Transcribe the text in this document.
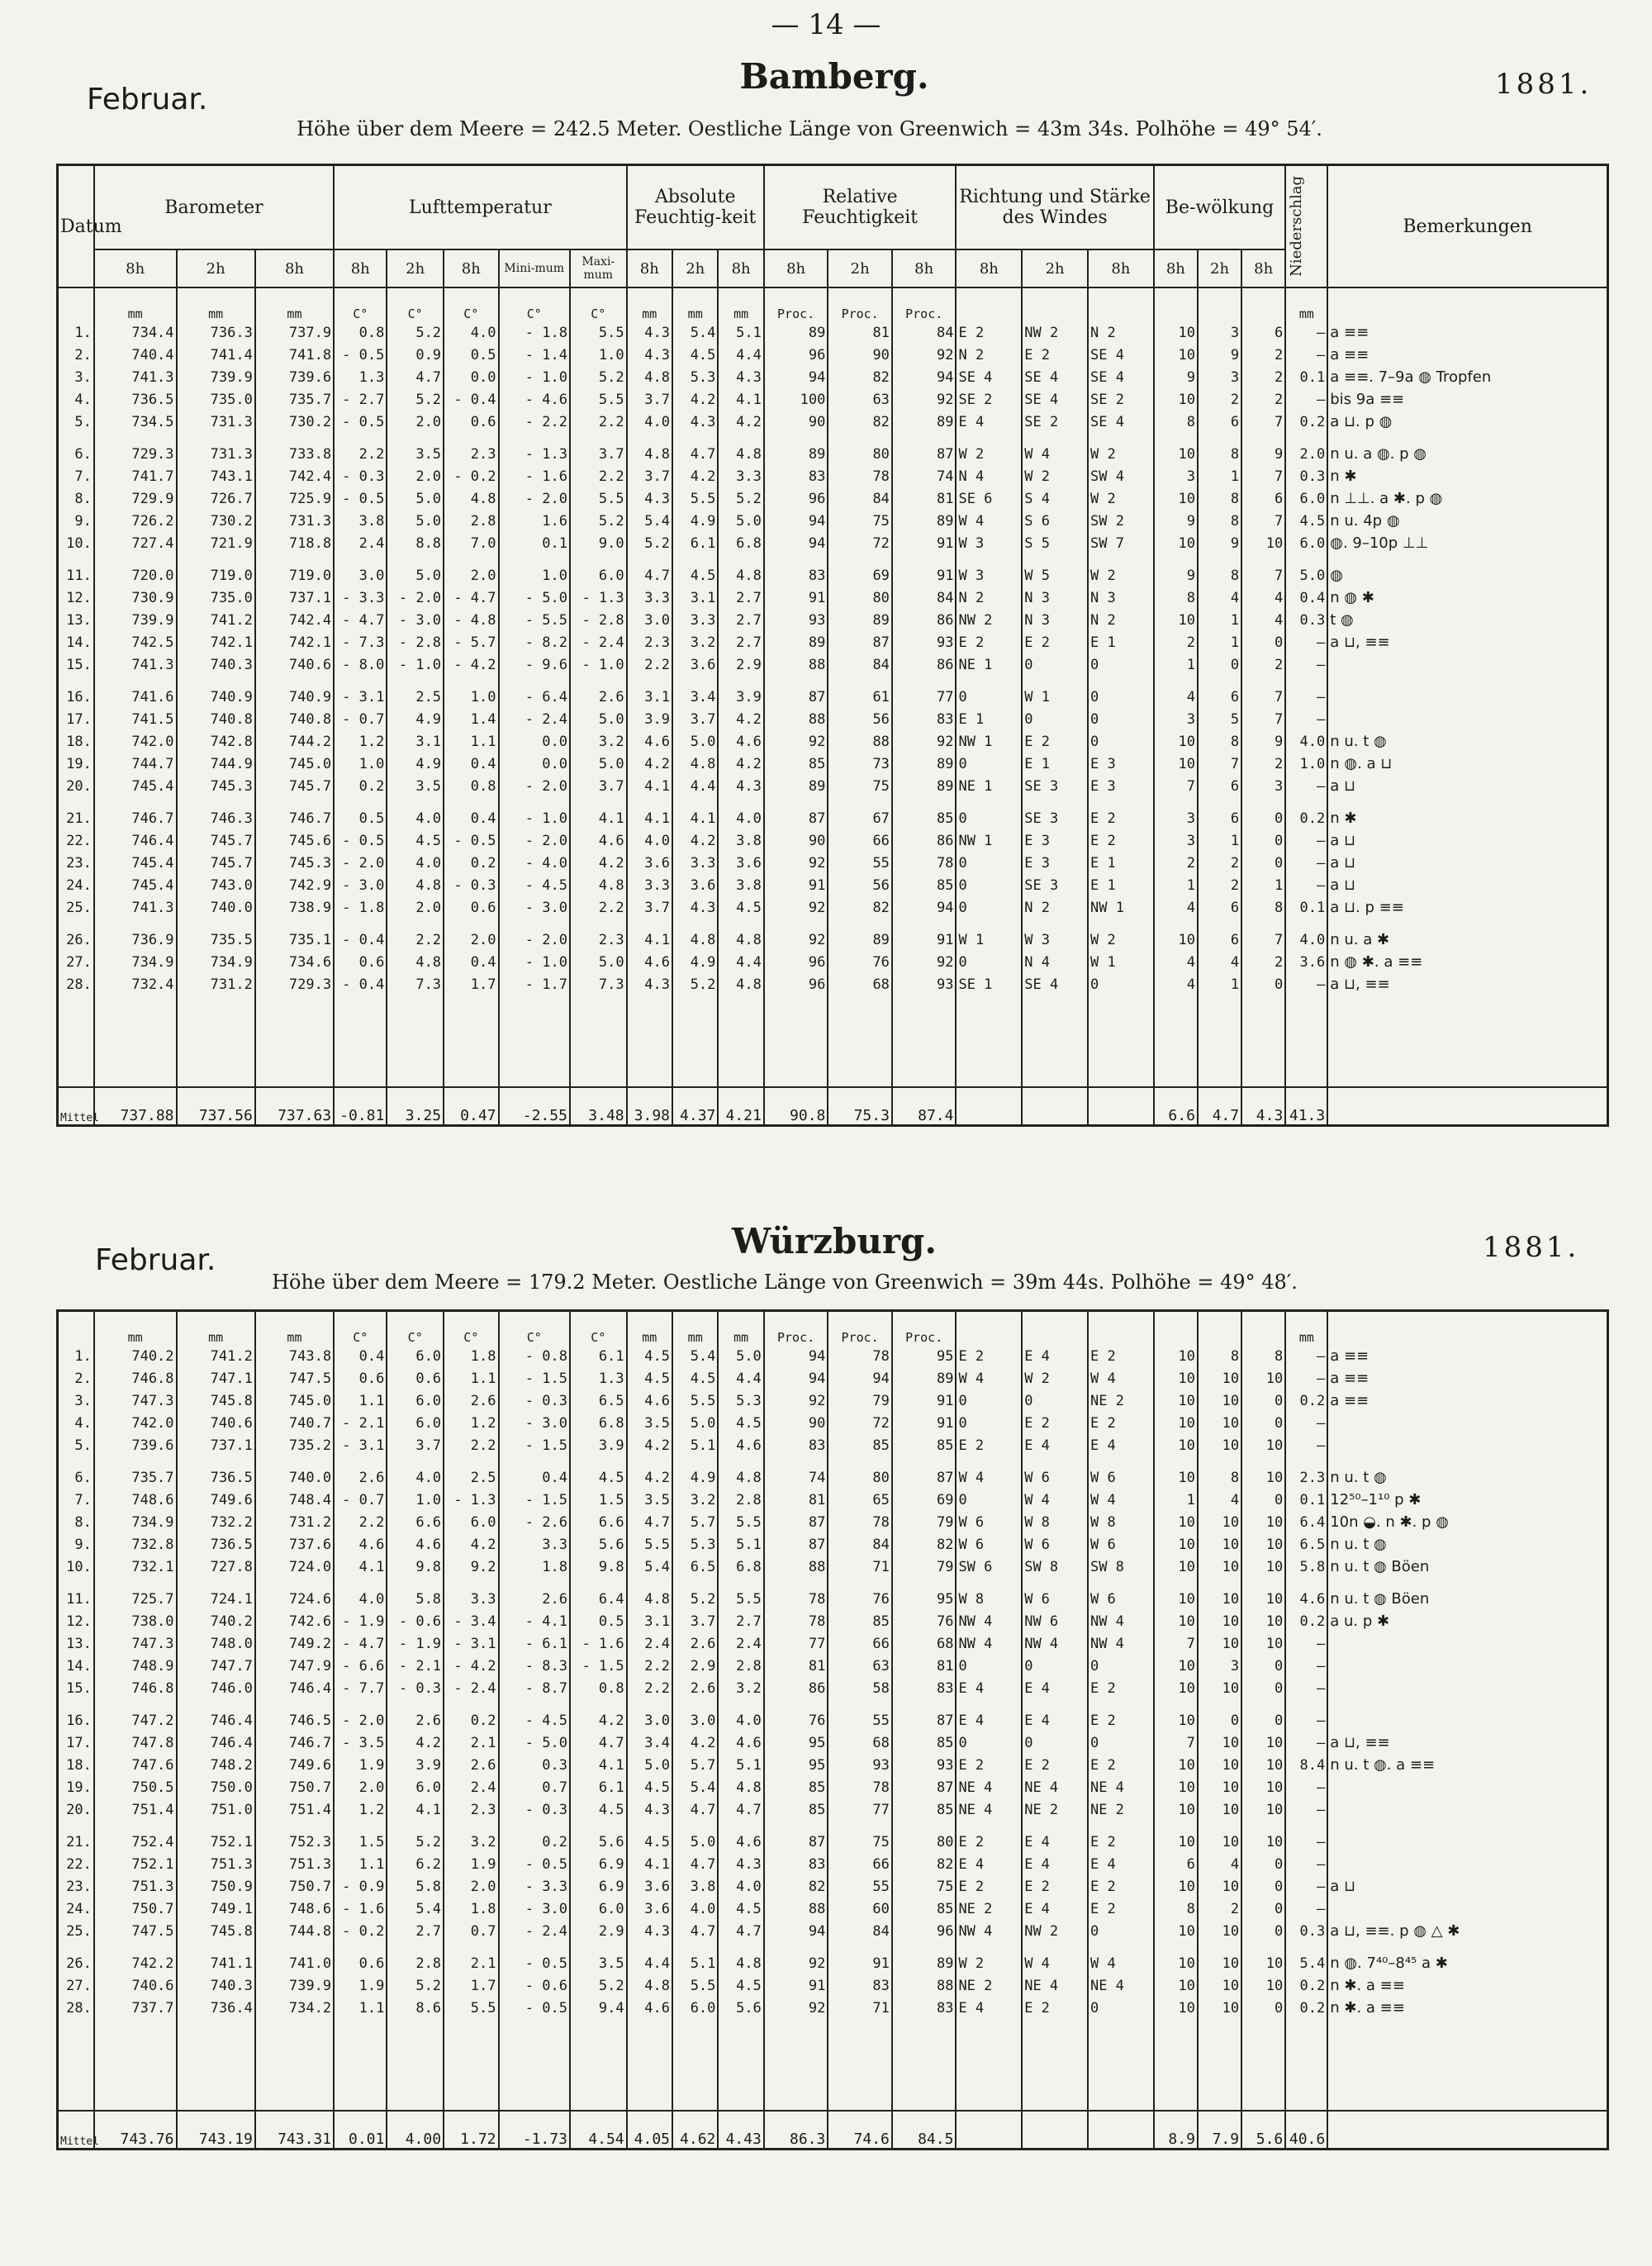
— 14 —
Februar.
Bamberg.	1881.
Höhe über dem Meere = 242.5 Meter. Oestliche Länge von Greenwich = 43m 34s. Polhöhe = 49° 54′.
Datum	Barometer			Lufttemperatur					Absolute Feuchtig-keit			Relative Feuchtigkeit			Richtung und Stärke des Windes			Be-wölkung			Niederschlag	Bemerkungen
	8h	2h	8h	8h	2h	8h	Mini-mum	Maxi-mum	8h	2h	8h	8h	2h	8h	8h	2h	8h	8h	2h	8h		
	mm	mm	mm	C°	C°	C°	C°	C°	mm	mm	mm	Proc.	Proc.	Proc.							mm	
1.	734.4	736.3	737.9	0.8	5.2	4.0	- 1.8	5.5	4.3	5.4	5.1	89	81	84	E 2	NW 2	N 2	10	3	6	—	a ≡≡
2.	740.4	741.4	741.8	- 0.5	0.9	0.5	- 1.4	1.0	4.3	4.5	4.4	96	90	92	N 2	E 2	SE 4	10	9	2	—	a ≡≡
3.	741.3	739.9	739.6	1.3	4.7	0.0	- 1.0	5.2	4.8	5.3	4.3	94	82	94	SE 4	SE 4	SE 4	9	3	2	0.1	a ≡≡. 7–9a ◍ Tropfen
4.	736.5	735.0	735.7	- 2.7	5.2	- 0.4	- 4.6	5.5	3.7	4.2	4.1	100	63	92	SE 2	SE 4	SE 2	10	2	2	—	bis 9a ≡≡
5.	734.5	731.3	730.2	- 0.5	2.0	0.6	- 2.2	2.2	4.0	4.3	4.2	90	82	89	E 4	SE 2	SE 4	8	6	7	0.2	a ⊔. p ◍

6.	729.3	731.3	733.8	2.2	3.5	2.3	- 1.3	3.7	4.8	4.7	4.8	89	80	87	W 2	W 4	W 2	10	8	9	2.0	n u. a ◍. p ◍
7.	741.7	743.1	742.4	- 0.3	2.0	- 0.2	- 1.6	2.2	3.7	4.2	3.3	83	78	74	N 4	W 2	SW 4	3	1	7	0.3	n ✱
8.	729.9	726.7	725.9	- 0.5	5.0	4.8	- 2.0	5.5	4.3	5.5	5.2	96	84	81	SE 6	S 4	W 2	10	8	6	6.0	n ⊥⊥. a ✱. p ◍
9.	726.2	730.2	731.3	3.8	5.0	2.8	1.6	5.2	5.4	4.9	5.0	94	75	89	W 4	S 6	SW 2	9	8	7	4.5	n u. 4p ◍
10.	727.4	721.9	718.8	2.4	8.8	7.0	0.1	9.0	5.2	6.1	6.8	94	72	91	W 3	S 5	SW 7	10	9	10	6.0	◍. 9–10p ⊥⊥

11.	720.0	719.0	719.0	3.0	5.0	2.0	1.0	6.0	4.7	4.5	4.8	83	69	91	W 3	W 5	W 2	9	8	7	5.0	◍
12.	730.9	735.0	737.1	- 3.3	- 2.0	- 4.7	- 5.0	- 1.3	3.3	3.1	2.7	91	80	84	N 2	N 3	N 3	8	4	4	0.4	n ◍ ✱
13.	739.9	741.2	742.4	- 4.7	- 3.0	- 4.8	- 5.5	- 2.8	3.0	3.3	2.7	93	89	86	NW 2	N 3	N 2	10	1	4	0.3	t ◍
14.	742.5	742.1	742.1	- 7.3	- 2.8	- 5.7	- 8.2	- 2.4	2.3	3.2	2.7	89	87	93	E 2	E 2	E 1	2	1	0	—	a ⊔, ≡≡
15.	741.3	740.3	740.6	- 8.0	- 1.0	- 4.2	- 9.6	- 1.0	2.2	3.6	2.9	88	84	86	NE 1	0	0	1	0	2	—	

16.	741.6	740.9	740.9	- 3.1	2.5	1.0	- 6.4	2.6	3.1	3.4	3.9	87	61	77	0	W 1	0	4	6	7	—	
17.	741.5	740.8	740.8	- 0.7	4.9	1.4	- 2.4	5.0	3.9	3.7	4.2	88	56	83	E 1	0	0	3	5	7	—	
18.	742.0	742.8	744.2	1.2	3.1	1.1	0.0	3.2	4.6	5.0	4.6	92	88	92	NW 1	E 2	0	10	8	9	4.0	n u. t ◍
19.	744.7	744.9	745.0	1.0	4.9	0.4	0.0	5.0	4.2	4.8	4.2	85	73	89	0	E 1	E 3	10	7	2	1.0	n ◍. a ⊔
20.	745.4	745.3	745.7	0.2	3.5	0.8	- 2.0	3.7	4.1	4.4	4.3	89	75	89	NE 1	SE 3	E 3	7	6	3	—	a ⊔

21.	746.7	746.3	746.7	0.5	4.0	0.4	- 1.0	4.1	4.1	4.1	4.0	87	67	85	0	SE 3	E 2	3	6	0	0.2	n ✱
22.	746.4	745.7	745.6	- 0.5	4.5	- 0.5	- 2.0	4.6	4.0	4.2	3.8	90	66	86	NW 1	E 3	E 2	3	1	0	—	a ⊔
23.	745.4	745.7	745.3	- 2.0	4.0	0.2	- 4.0	4.2	3.6	3.3	3.6	92	55	78	0	E 3	E 1	2	2	0	—	a ⊔
24.	745.4	743.0	742.9	- 3.0	4.8	- 0.3	- 4.5	4.8	3.3	3.6	3.8	91	56	85	0	SE 3	E 1	1	2	1	—	a ⊔
25.	741.3	740.0	738.9	- 1.8	2.0	0.6	- 3.0	2.2	3.7	4.3	4.5	92	82	94	0	N 2	NW 1	4	6	8	0.1	a ⊔. p ≡≡

26.	736.9	735.5	735.1	- 0.4	2.2	2.0	- 2.0	2.3	4.1	4.8	4.8	92	89	91	W 1	W 3	W 2	10	6	7	4.0	n u. a ✱
27.	734.9	734.9	734.6	0.6	4.8	0.4	- 1.0	5.0	4.6	4.9	4.4	96	76	92	0	N 4	W 1	4	4	2	3.6	n ◍ ✱. a ≡≡
28.	732.4	731.2	729.3	- 0.4	7.3	1.7	- 1.7	7.3	4.3	5.2	4.8	96	68	93	SE 1	SE 4	0	4	1	0	—	a ⊔, ≡≡

Mittel	737.88	737.56	737.63	-0.81	3.25	0.47	-2.55	3.48	3.98	4.37	4.21	90.8	75.3	87.4				6.6	4.7	4.3	41.3	
Februar.	Würzburg.	1881.
Höhe über dem Meere = 179.2 Meter. Oestliche Länge von Greenwich = 39m 44s. Polhöhe = 49° 48′.
	mm	mm	mm	C°	C°	C°	C°	C°	mm	mm	mm	Proc.	Proc.	Proc.							mm	
1.	740.2	741.2	743.8	0.4	6.0	1.8	- 0.8	6.1	4.5	5.4	5.0	94	78	95	E 2	E 4	E 2	10	8	8	—	a ≡≡
2.	746.8	747.1	747.5	0.6	0.6	1.1	- 1.5	1.3	4.5	4.5	4.4	94	94	89	W 4	W 2	W 4	10	10	10	—	a ≡≡
3.	747.3	745.8	745.0	1.1	6.0	2.6	- 0.3	6.5	4.6	5.5	5.3	92	79	91	0	0	NE 2	10	10	0	0.2	a ≡≡
4.	742.0	740.6	740.7	- 2.1	6.0	1.2	- 3.0	6.8	3.5	5.0	4.5	90	72	91	0	E 2	E 2	10	10	0	—	
5.	739.6	737.1	735.2	- 3.1	3.7	2.2	- 1.5	3.9	4.2	5.1	4.6	83	85	85	E 2	E 4	E 4	10	10	10	—	

6.	735.7	736.5	740.0	2.6	4.0	2.5	0.4	4.5	4.2	4.9	4.8	74	80	87	W 4	W 6	W 6	10	8	10	2.3	n u. t ◍
7.	748.6	749.6	748.4	- 0.7	1.0	- 1.3	- 1.5	1.5	3.5	3.2	2.8	81	65	69	0	W 4	W 4	1	4	0	0.1	12⁵⁰–1¹⁰ p ✱
8.	734.9	732.2	731.2	2.2	6.6	6.0	- 2.6	6.6	4.7	5.7	5.5	87	78	79	W 6	W 8	W 8	10	10	10	6.4	10n ◒. n ✱. p ◍
9.	732.8	736.5	737.6	4.6	4.6	4.2	3.3	5.6	5.5	5.3	5.1	87	84	82	W 6	W 6	W 6	10	10	10	6.5	n u. t ◍
10.	732.1	727.8	724.0	4.1	9.8	9.2	1.8	9.8	5.4	6.5	6.8	88	71	79	SW 6	SW 8	SW 8	10	10	10	5.8	n u. t ◍ Böen

11.	725.7	724.1	724.6	4.0	5.8	3.3	2.6	6.4	4.8	5.2	5.5	78	76	95	W 8	W 6	W 6	10	10	10	4.6	n u. t ◍ Böen
12.	738.0	740.2	742.6	- 1.9	- 0.6	- 3.4	- 4.1	0.5	3.1	3.7	2.7	78	85	76	NW 4	NW 6	NW 4	10	10	10	0.2	a u. p ✱
13.	747.3	748.0	749.2	- 4.7	- 1.9	- 3.1	- 6.1	- 1.6	2.4	2.6	2.4	77	66	68	NW 4	NW 4	NW 4	7	10	10	—	
14.	748.9	747.7	747.9	- 6.6	- 2.1	- 4.2	- 8.3	- 1.5	2.2	2.9	2.8	81	63	81	0	0	0	10	3	0	—	
15.	746.8	746.0	746.4	- 7.7	- 0.3	- 2.4	- 8.7	0.8	2.2	2.6	3.2	86	58	83	E 4	E 4	E 2	10	10	0	—	

16.	747.2	746.4	746.5	- 2.0	2.6	0.2	- 4.5	4.2	3.0	3.0	4.0	76	55	87	E 4	E 4	E 2	10	0	0	—	
17.	747.8	746.4	746.7	- 3.5	4.2	2.1	- 5.0	4.7	3.4	4.2	4.6	95	68	85	0	0	0	7	10	10	—	a ⊔, ≡≡
18.	747.6	748.2	749.6	1.9	3.9	2.6	0.3	4.1	5.0	5.7	5.1	95	93	93	E 2	E 2	E 2	10	10	10	8.4	n u. t ◍. a ≡≡
19.	750.5	750.0	750.7	2.0	6.0	2.4	0.7	6.1	4.5	5.4	4.8	85	78	87	NE 4	NE 4	NE 4	10	10	10	—	
20.	751.4	751.0	751.4	1.2	4.1	2.3	- 0.3	4.5	4.3	4.7	4.7	85	77	85	NE 4	NE 2	NE 2	10	10	10	—	

21.	752.4	752.1	752.3	1.5	5.2	3.2	0.2	5.6	4.5	5.0	4.6	87	75	80	E 2	E 4	E 2	10	10	10	—	
22.	752.1	751.3	751.3	1.1	6.2	1.9	- 0.5	6.9	4.1	4.7	4.3	83	66	82	E 4	E 4	E 4	6	4	0	—	
23.	751.3	750.9	750.7	- 0.9	5.8	2.0	- 3.3	6.9	3.6	3.8	4.0	82	55	75	E 2	E 2	E 2	10	10	0	—	a ⊔
24.	750.7	749.1	748.6	- 1.6	5.4	1.8	- 3.0	6.0	3.6	4.0	4.5	88	60	85	NE 2	E 4	E 2	8	2	0	—	
25.	747.5	745.8	744.8	- 0.2	2.7	0.7	- 2.4	2.9	4.3	4.7	4.7	94	84	96	NW 4	NW 2	0	10	10	0	0.3	a ⊔, ≡≡. p ◍ △ ✱

26.	742.2	741.1	741.0	0.6	2.8	2.1	- 0.5	3.5	4.4	5.1	4.8	92	91	89	W 2	W 4	W 4	10	10	10	5.4	n ◍. 7⁴⁰–8⁴⁵ a ✱
27.	740.6	740.3	739.9	1.9	5.2	1.7	- 0.6	5.2	4.8	5.5	4.5	91	83	88	NE 2	NE 4	NE 4	10	10	10	0.2	n ✱. a ≡≡
28.	737.7	736.4	734.2	1.1	8.6	5.5	- 0.5	9.4	4.6	6.0	5.6	92	71	83	E 4	E 2	0	10	10	0	0.2	n ✱. a ≡≡

Mittel	743.76	743.19	743.31	0.01	4.00	1.72	-1.73	4.54	4.05	4.62	4.43	86.3	74.6	84.5				8.9	7.9	5.6	40.6	
